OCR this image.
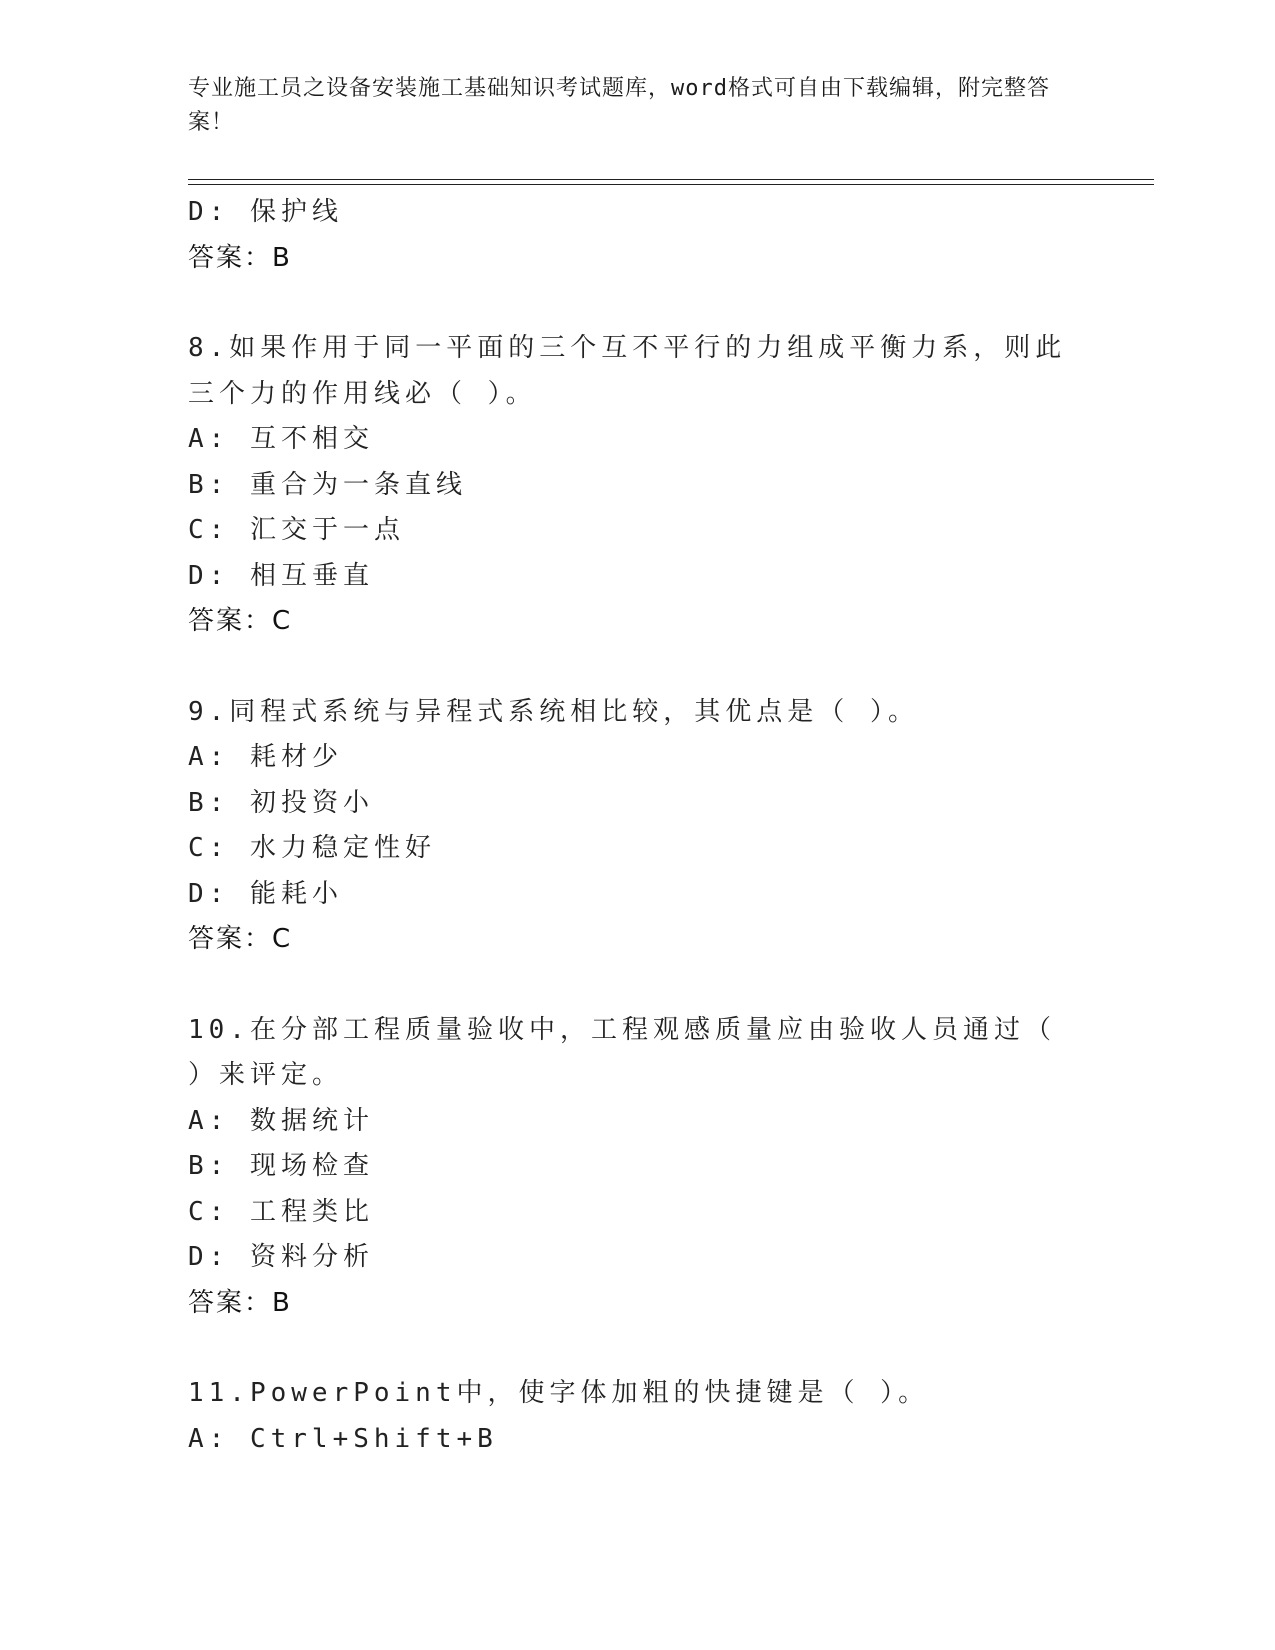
专业施工员之设备安装施工基础知识考试题库，word格式可自由下载编辑，附完整答案！
D: 保护线
答案：B
8.如果作用于同一平面的三个互不平行的力组成平衡力系，则此三个力的作用线必（ ）。
A: 互不相交
B: 重合为一条直线
C: 汇交于一点
D: 相互垂直
答案：C
9.同程式系统与异程式系统相比较，其优点是（ ）。
A: 耗材少
B: 初投资小
C: 水力稳定性好
D: 能耗小
答案：C
10.在分部工程质量验收中，工程观感质量应由验收人员通过（ ）来评定。
A: 数据统计
B: 现场检查
C: 工程类比
D: 资料分析
答案：B
11.PowerPoint中，使字体加粗的快捷键是（ ）。
A: Ctrl+Shift+B
